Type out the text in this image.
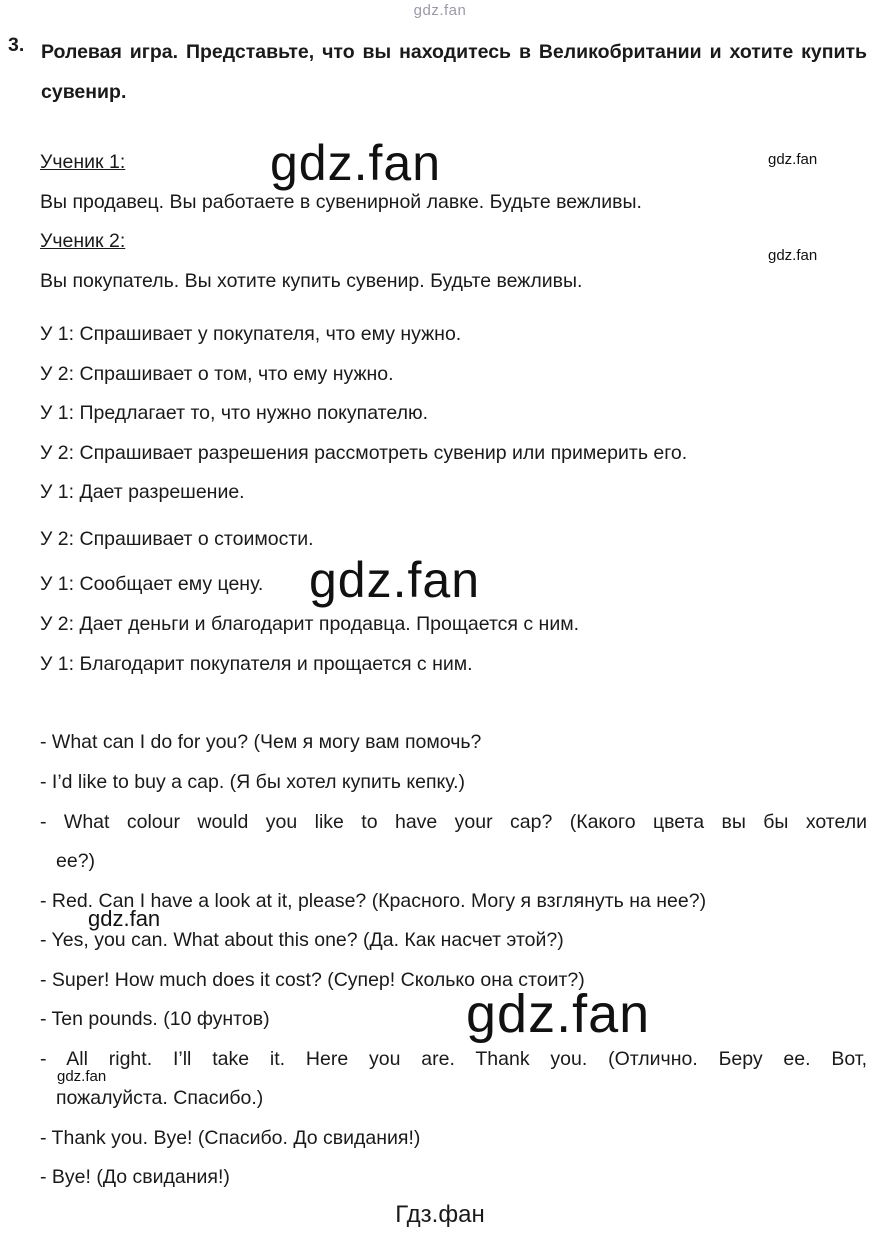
gdz.fan
3. Ролевая игра. Представьте, что вы находитесь в Великобритании и хотите купить сувенир.
Ученик 1:
Вы продавец. Вы работаете в сувенирной лавке. Будьте вежливы.
Ученик 2:
Вы покупатель. Вы хотите купить сувенир. Будьте вежливы.
У 1: Спрашивает у покупателя, что ему нужно.
У 2: Спрашивает о том, что ему нужно.
У 1: Предлагает то, что нужно покупателю.
У 2: Спрашивает разрешения рассмотреть сувенир или примерить его.
У 1: Дает разрешение.
У 2: Спрашивает о стоимости.
У 1: Сообщает ему цену.
У 2: Дает деньги и благодарит продавца. Прощается с ним.
У 1: Благодарит покупателя и прощается с ним.
- What can I do for you? (Чем я могу вам помочь?
- I’d like to buy a cap. (Я бы хотел купить кепку.)
- What colour would you like to have your cap? (Какого цвета вы бы хотели
ее?)
- Red. Can I have a look at it, please? (Красного. Могу я взглянуть на нее?)
- Yes, you can. What about this one? (Да. Как насчет этой?)
- Super! How much does it cost? (Супер! Сколько она стоит?)
- Ten pounds. (10 фунтов)
- All right. I’ll take it. Here you are. Thank you. (Отлично. Беру ее. Вот,
пожалуйста. Спасибо.)
- Thank you. Bye! (Спасибо. До свидания!)
- Bye! (До свидания!)
gdz.fan	gdz.fan
gdz.fan
gdz.fan
gdz.fan
gdz.fan
gdz.fan
Гдз.фан
